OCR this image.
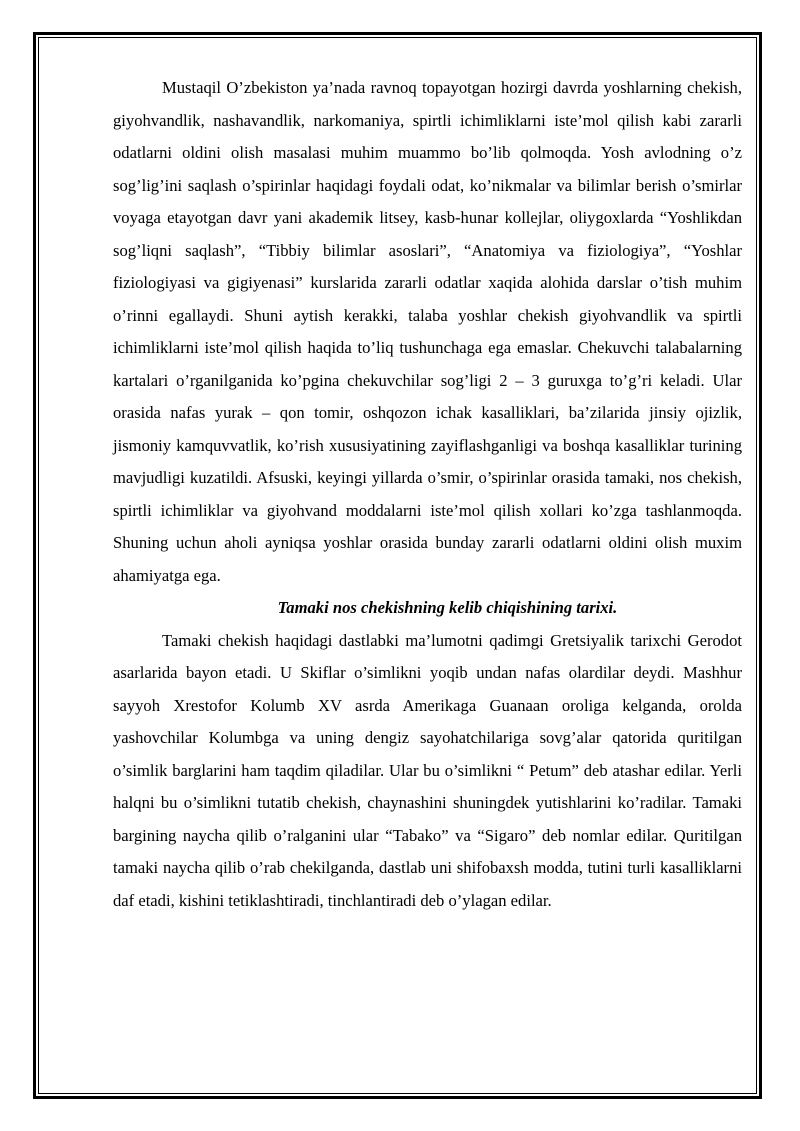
Mustaqil O’zbekiston ya’nada ravnoq topayotgan hozirgi davrda yoshlarning chekish, giyohvandlik, nashavandlik, narkomaniya, spirtli ichimliklarni iste’mol qilish kabi zararli odatlarni oldini olish masalasi muhim muammo bo’lib qolmoqda. Yosh avlodning o’z sog’lig’ini saqlash o’spirinlar haqidagi foydali odat, ko’nikmalar va bilimlar berish o’smirlar voyaga etayotgan davr yani akademik litsey, kasb-hunar kollejlar, oliygoxlarda “Yoshlikdan sog’liqni saqlash”, “Tibbiy bilimlar asoslari”, “Anatomiya va fiziologiya”, “Yoshlar fiziologiyasi va gigiyenasi” kurslarida zararli odatlar xaqida alohida darslar o’tish muhim o’rinni egallaydi. Shuni aytish kerakki, talaba yoshlar chekish giyohvandlik va spirtli ichimliklarni iste’mol qilish haqida to’liq tushunchaga ega emaslar. Chekuvchi talabalarning kartalari o’rganilganida ko’pgina chekuvchilar sog’ligi 2 – 3 guruxga to’g’ri keladi. Ular orasida nafas yurak – qon tomir, oshqozon ichak kasalliklari, ba’zilarida jinsiy ojizlik, jismoniy kamquvvatlik, ko’rish xususiyatining zayiflashganligi va boshqa kasalliklar turining mavjudligi kuzatildi. Afsuski, keyingi yillarda o’smir, o’spirinlar orasida tamaki, nos chekish, spirtli ichimliklar va giyohvand moddalarni iste’mol qilish xollari ko’zga tashlanmoqda. Shuning uchun aholi ayniqsa yoshlar orasida bunday zararli odatlarni oldini olish muxim ahamiyatga ega.

Tamaki nos chekishning kelib chiqishining tarixi.

Tamaki chekish haqidagi dastlabki ma’lumotni qadimgi Gretsiyalik tarixchi Gerodot asarlarida bayon etadi. U Skiflar o’simlikni yoqib undan nafas olardilar deydi. Mashhur sayyoh Xrestofor Kolumb XV asrda Amerikaga Guanaan oroliga kelganda, orolda yashovchilar Kolumbga va uning dengiz sayohatchilariga sovg’alar qatorida quritilgan o’simlik barglarini ham taqdim qiladilar. Ular bu o’simlikni “ Petum” deb atashar edilar. Yerli halqni bu o’simlikni tutatib chekish, chaynashini shuningdek yutishlarini ko’radilar. Tamaki bargining naycha qilib o’ralganini ular “Tabako” va “Sigaro” deb nomlar edilar. Quritilgan tamaki naycha qilib o’rab chekilganda, dastlab uni shifobaxsh modda, tutini turli kasalliklarni daf etadi, kishini tetiklashtiradi, tinchlantiradi deb o’ylagan edilar.
